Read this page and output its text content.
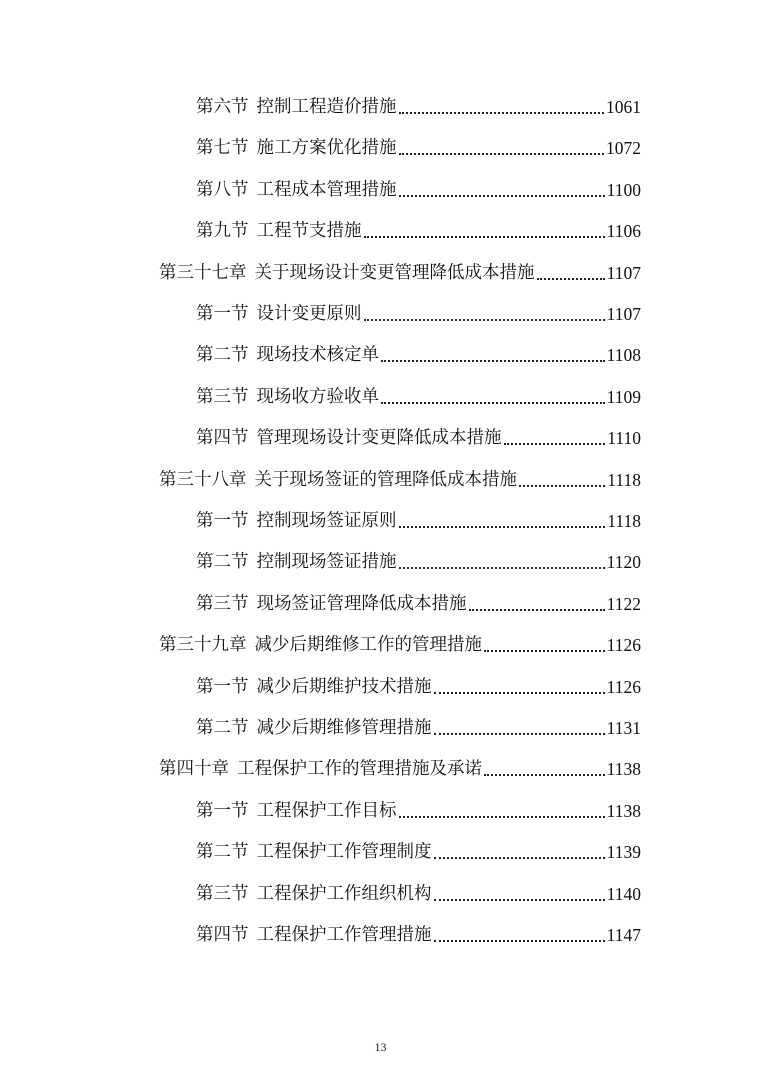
第六节 控制工程造价措施	1061
第七节 施工方案优化措施	1072
第八节 工程成本管理措施	1100
第九节 工程节支措施	1106
第三十七章 关于现场设计变更管理降低成本措施	1107
第一节 设计变更原则	1107
第二节 现场技术核定单	1108
第三节 现场收方验收单	1109
第四节 管理现场设计变更降低成本措施	1110
第三十八章 关于现场签证的管理降低成本措施	1118
第一节 控制现场签证原则	1118
第二节 控制现场签证措施	1120
第三节 现场签证管理降低成本措施	1122
第三十九章 减少后期维修工作的管理措施	1126
第一节 减少后期维护技术措施	1126
第二节 减少后期维修管理措施	1131
第四十章 工程保护工作的管理措施及承诺	1138
第一节 工程保护工作目标	1138
第二节 工程保护工作管理制度	1139
第三节 工程保护工作组织机构	1140
第四节 工程保护工作管理措施	1147
13
